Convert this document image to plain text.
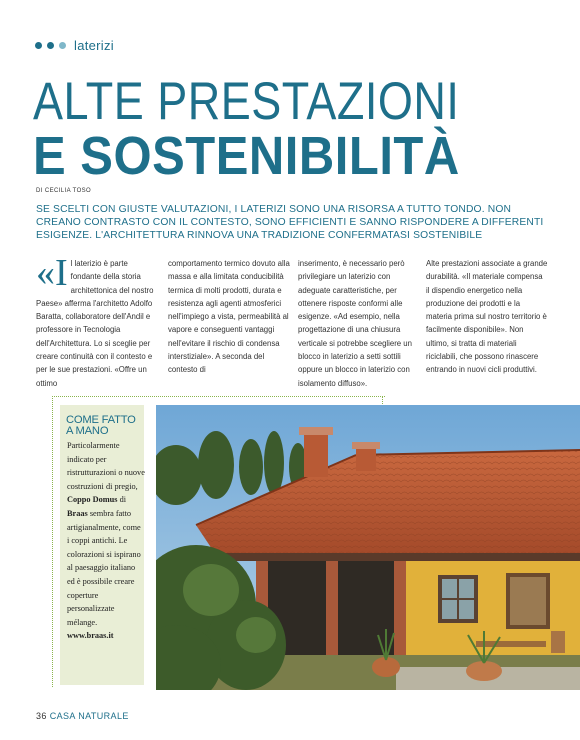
laterizi
ALTE PRESTAZIONI
E SOSTENIBILITÀ
DI CECILIA TOSO
SE SCELTI CON GIUSTE VALUTAZIONI, I LATERIZI SONO UNA RISORSA A TUTTO TONDO. NON CREANO CONTRASTO CON IL CONTESTO, SONO EFFICIENTI E SANNO RISPONDERE A DIFFERENTI ESIGENZE. L'ARCHITETTURA RINNOVA UNA TRADIZIONE CONFERMATASI SOSTENIBILE
«Il laterizio è parte fondante della storia architettonica del nostro Paese» afferma l'architetto Adolfo Baratta, collaboratore dell'Andil e professore in Tecnologia dell'Architettura. Lo si sceglie per creare continuità con il contesto e per le sue prestazioni. «Offre un ottimo
comportamento termico dovuto alla massa e alla limitata conducibilità termica di molti prodotti, durata e resistenza agli agenti atmosferici nell'impiego a vista, permeabilità al vapore e conseguenti vantaggi nell'evitare il rischio di condensa interstiziale». A seconda del contesto di
inserimento, è necessario però privilegiare un laterizio con adeguate caratteristiche, per ottenere risposte conformi alle esigenze. «Ad esempio, nella progettazione di una chiusura verticale si potrebbe scegliere un blocco in laterizio a setti sottili oppure un blocco in laterizio con isolamento diffuso».
Alte prestazioni associate a grande durabilità. «Il materiale compensa il dispendio energetico nella produzione dei prodotti e la materia prima sul nostro territorio è facilmente disponibile». Non ultimo, si tratta di materiali riciclabili, che possono rinascere entrando in nuovi cicli produttivi.
COME FATTO A MANO
Particolarmente indicato per ristrutturazioni o nuove costruzioni di pregio, Coppo Domus di Braas sembra fatto artigianalmente, come i coppi antichi. Le colorazioni si ispirano al paesaggio italiano ed è possibile creare coperture personalizzate mélange.
www.braas.it
36 CASA NATURALE
